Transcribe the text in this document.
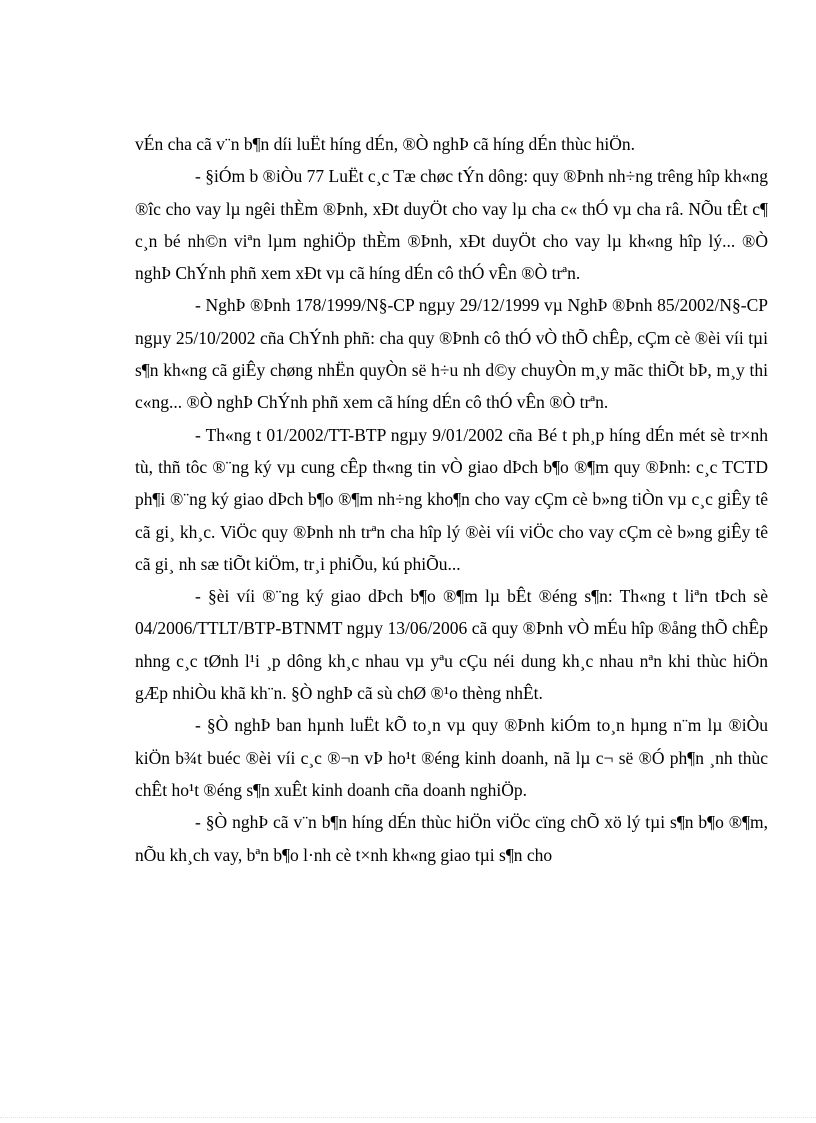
vÉn cha cã v¨n b¶n díi luËt híng dÉn, ®Ò nghÞ cã híng dÉn thùc hiÖn.

- §iÓm b ®iÒu 77 LuËt c¸c Tæ chøc tÝn dông: quy ®Þnh nh÷ng trêng hîp kh«ng ®îc cho vay lµ ngêi thÈm ®Þnh, xÐt duyÖt cho vay lµ cha c« thÓ vµ cha râ. NÕu tÊt c¶ c¸n bé nh©n viªn lµm nghiÖp thÈm ®Þnh, xÐt duyÖt cho vay lµ kh«ng hîp lý... ®Ò nghÞ ChÝnh phñ xem xÐt vµ cã híng dÉn cô thÓ vÊn ®Ò trªn.

- NghÞ ®Þnh 178/1999/N§-CP ngµy 29/12/1999 vµ NghÞ ®Þnh 85/2002/N§-CP ngµy 25/10/2002 cña ChÝnh phñ: cha quy ®Þnh cô thÓ vÒ thÕ chÊp, cÇm cè ®èi víi tµi s¶n kh«ng cã giÊy chøng nhËn quyÒn së h÷u nh d©y chuyÒn m¸y mãc thiÕt bÞ, m¸y thi c«ng... ®Ò nghÞ ChÝnh phñ xem cã híng dÉn cô thÓ vÊn ®Ò trªn.

- Th«ng t 01/2002/TT-BTP ngµy 9/01/2002 cña Bé t ph¸p híng dÉn mét sè tr×nh tù, thñ tôc ®¨ng ký vµ cung cÊp th«ng tin vÒ giao dÞch b¶o ®¶m quy ®Þnh: c¸c TCTD ph¶i ®¨ng ký giao dÞch b¶o ®¶m nh÷ng kho¶n cho vay cÇm cè b»ng tiÒn vµ c¸c giÊy tê cã gi¸ kh¸c. ViÖc quy ®Þnh nh trªn cha hîp lý ®èi víi viÖc cho vay cÇm cè b»ng giÊy tê cã gi¸ nh sæ tiÕt kiÖm, tr¸i phiÕu, kú phiÕu...

- §èi víi ®¨ng ký giao dÞch b¶o ®¶m lµ bÊt ®éng s¶n: Th«ng t liªn tÞch sè 04/2006/TTLT/BTP-BTNMT ngµy 13/06/2006 cã quy ®Þnh vÒ mÉu hîp ®ång thÕ chÊp nhng c¸c tØnh l¹i ¸p dông kh¸c nhau vµ yªu cÇu néi dung kh¸c nhau nªn khi thùc hiÖn gÆp nhiÒu khã kh¨n. §Ò nghÞ cã sù chØ ®¹o thèng nhÊt.

- §Ò nghÞ ban hµnh luËt kÕ to¸n vµ quy ®Þnh kiÓm to¸n hµng n¨m lµ ®iÒu kiÖn b¾t buéc ®èi víi c¸c ®¬n vÞ ho¹t ®éng kinh doanh, nã lµ c¬ së ®Ó ph¶n ¸nh thùc chÊt ho¹t ®éng s¶n xuÊt kinh doanh cña doanh nghiÖp.

- §Ò nghÞ cã v¨n b¶n híng dÉn thùc hiÖn viÖc cïng chÕ xö lý tµi s¶n b¶o ®¶m, nÕu kh¸ch vay, bªn b¶o l·nh cè t×nh kh«ng giao tµi s¶n cho
